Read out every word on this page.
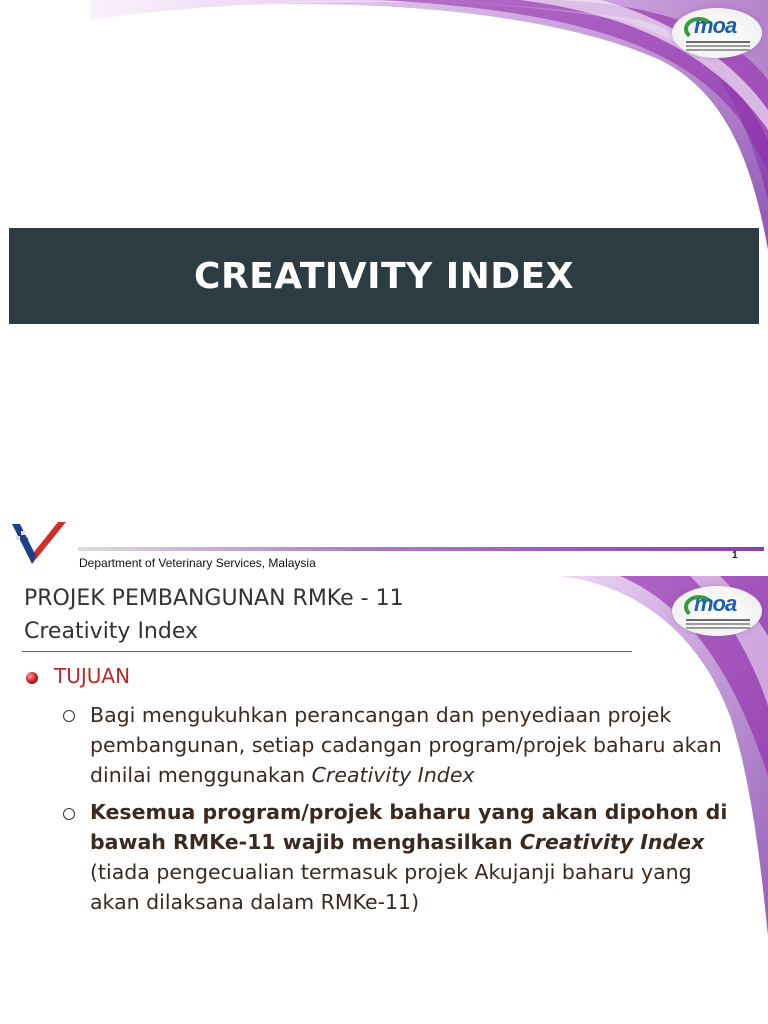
moa
CREATIVITY INDEX
Department of Veterinary Services, Malaysia
1
moa
PROJEK PEMBANGUNAN RMKe - 11
Creativity Index
TUJUAN
Bagi mengukuhkan perancangan dan penyediaan projek pembangunan, setiap cadangan program/projek baharu akan dinilai menggunakan Creativity Index
Kesemua program/projek baharu yang akan dipohon di bawah RMKe-11 wajib menghasilkan Creativity Index (tiada pengecualian termasuk projek Akujanji baharu yang akan dilaksana dalam RMKe-11)
